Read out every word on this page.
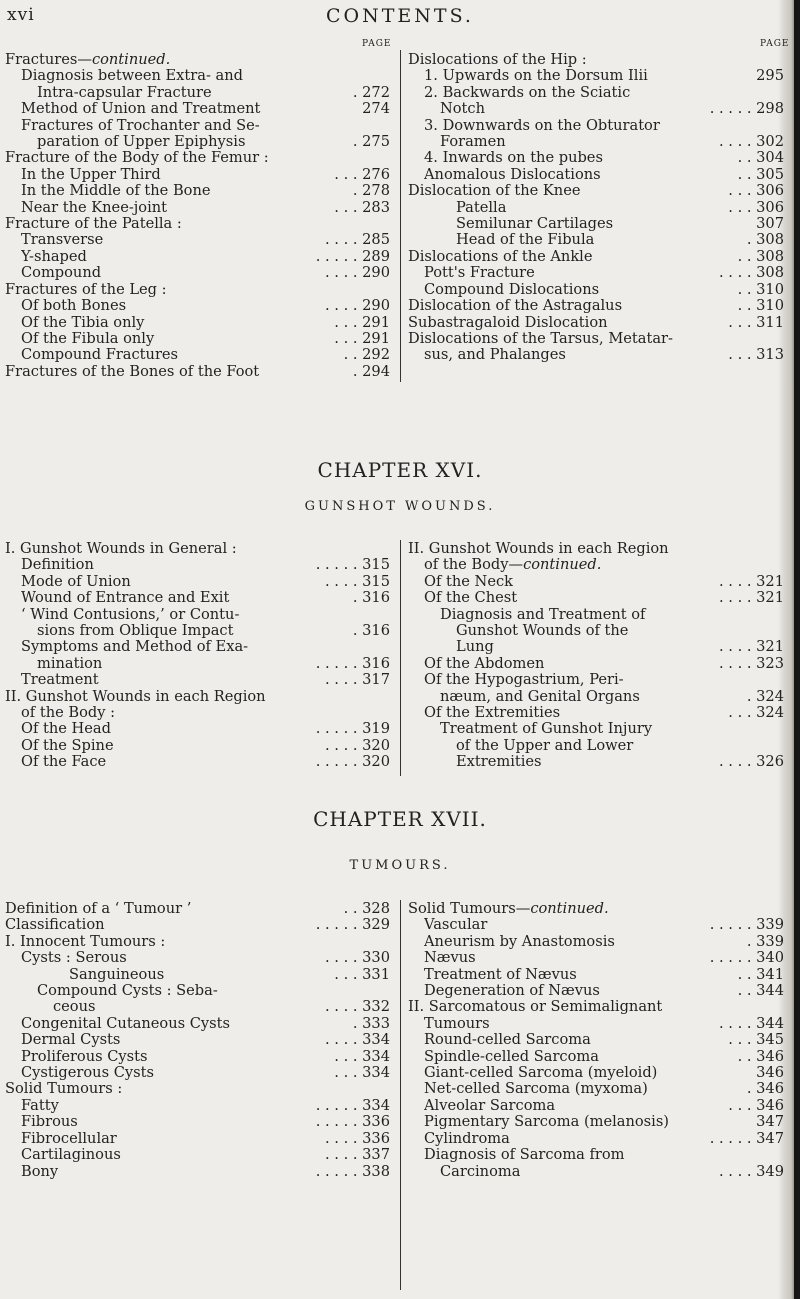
xvi	CONTENTS.
PAGE	PAGE
Fractures—continued.
Diagnosis between Extra- and
Intra-capsular Fracture	. 272
Method of Union and Treatment	274
Fractures of Trochanter and Se-
paration of Upper Epiphysis	. 275
Fracture of the Body of the Femur :
In the Upper Third	. . . 276
In the Middle of the Bone	. 278
Near the Knee-joint	. . . 283
Fracture of the Patella :
Transverse	. . . . 285
Y-shaped	. . . . . 289
Compound	. . . . 290
Fractures of the Leg :
Of both Bones	. . . . 290
Of the Tibia only	. . . 291
Of the Fibula only	. . . 291
Compound Fractures	. . 292
Fractures of the Bones of the Foot	. 294
Dislocations of the Hip :
1. Upwards on the Dorsum Ilii	295
2. Backwards on the Sciatic
Notch	. . . . . 298
3. Downwards on the Obturator
Foramen	. . . . 302
4. Inwards on the pubes	. . 304
Anomalous Dislocations	. . 305
Dislocation of the Knee	. . . 306
Patella	. . . 306
Semilunar Cartilages	307
Head of the Fibula	. 308
Dislocations of the Ankle	. . 308
Pott's Fracture	. . . . 308
Compound Dislocations	. . 310
Dislocation of the Astragalus	. . 310
Subastragaloid Dislocation	. . . 311
Dislocations of the Tarsus, Metatar-
sus, and Phalanges	. . . 313
CHAPTER XVI.
GUNSHOT WOUNDS.
I. Gunshot Wounds in General :
Definition	. . . . . 315
Mode of Union	. . . . 315
Wound of Entrance and Exit	. 316
‘ Wind Contusions,’ or Contu-
sions from Oblique Impact	. 316
Symptoms and Method of Exa-
mination	. . . . . 316
Treatment	. . . . 317
II. Gunshot Wounds in each Region
of the Body :
Of the Head	. . . . . 319
Of the Spine	. . . . 320
Of the Face	. . . . . 320
II. Gunshot Wounds in each Region
of the Body—continued.
Of the Neck	. . . . 321
Of the Chest	. . . . 321
Diagnosis and Treatment of
Gunshot Wounds of the
Lung	. . . . 321
Of the Abdomen	. . . . 323
Of the Hypogastrium, Peri-
næum, and Genital Organs	. 324
Of the Extremities	. . . 324
Treatment of Gunshot Injury
of the Upper and Lower
Extremities	. . . . 326
CHAPTER XVII.
TUMOURS.
Definition of a ‘ Tumour ’	. . 328
Classification	. . . . . 329
I. Innocent Tumours :
Cysts : Serous	. . . . 330
Sanguineous	. . . 331
Compound Cysts : Seba-
ceous	. . . . 332
Congenital Cutaneous Cysts	. 333
Dermal Cysts	. . . . 334
Proliferous Cysts	. . . 334
Cystigerous Cysts	. . . 334
Solid Tumours :
Fatty	. . . . . 334
Fibrous	. . . . . 336
Fibrocellular	. . . . 336
Cartilaginous	. . . . 337
Bony	. . . . . 338
Solid Tumours—continued.
Vascular	. . . . . 339
Aneurism by Anastomosis	. 339
Nævus	. . . . . 340
Treatment of Nævus	. . 341
Degeneration of Nævus	. . 344
II. Sarcomatous or Semimalignant
Tumours	. . . . 344
Round-celled Sarcoma	. . . 345
Spindle-celled Sarcoma	. . 346
Giant-celled Sarcoma (myeloid)	346
Net-celled Sarcoma (myxoma)	. 346
Alveolar Sarcoma	. . . 346
Pigmentary Sarcoma (melanosis)	347
Cylindroma	. . . . . 347
Diagnosis of Sarcoma from
Carcinoma	. . . . 349
